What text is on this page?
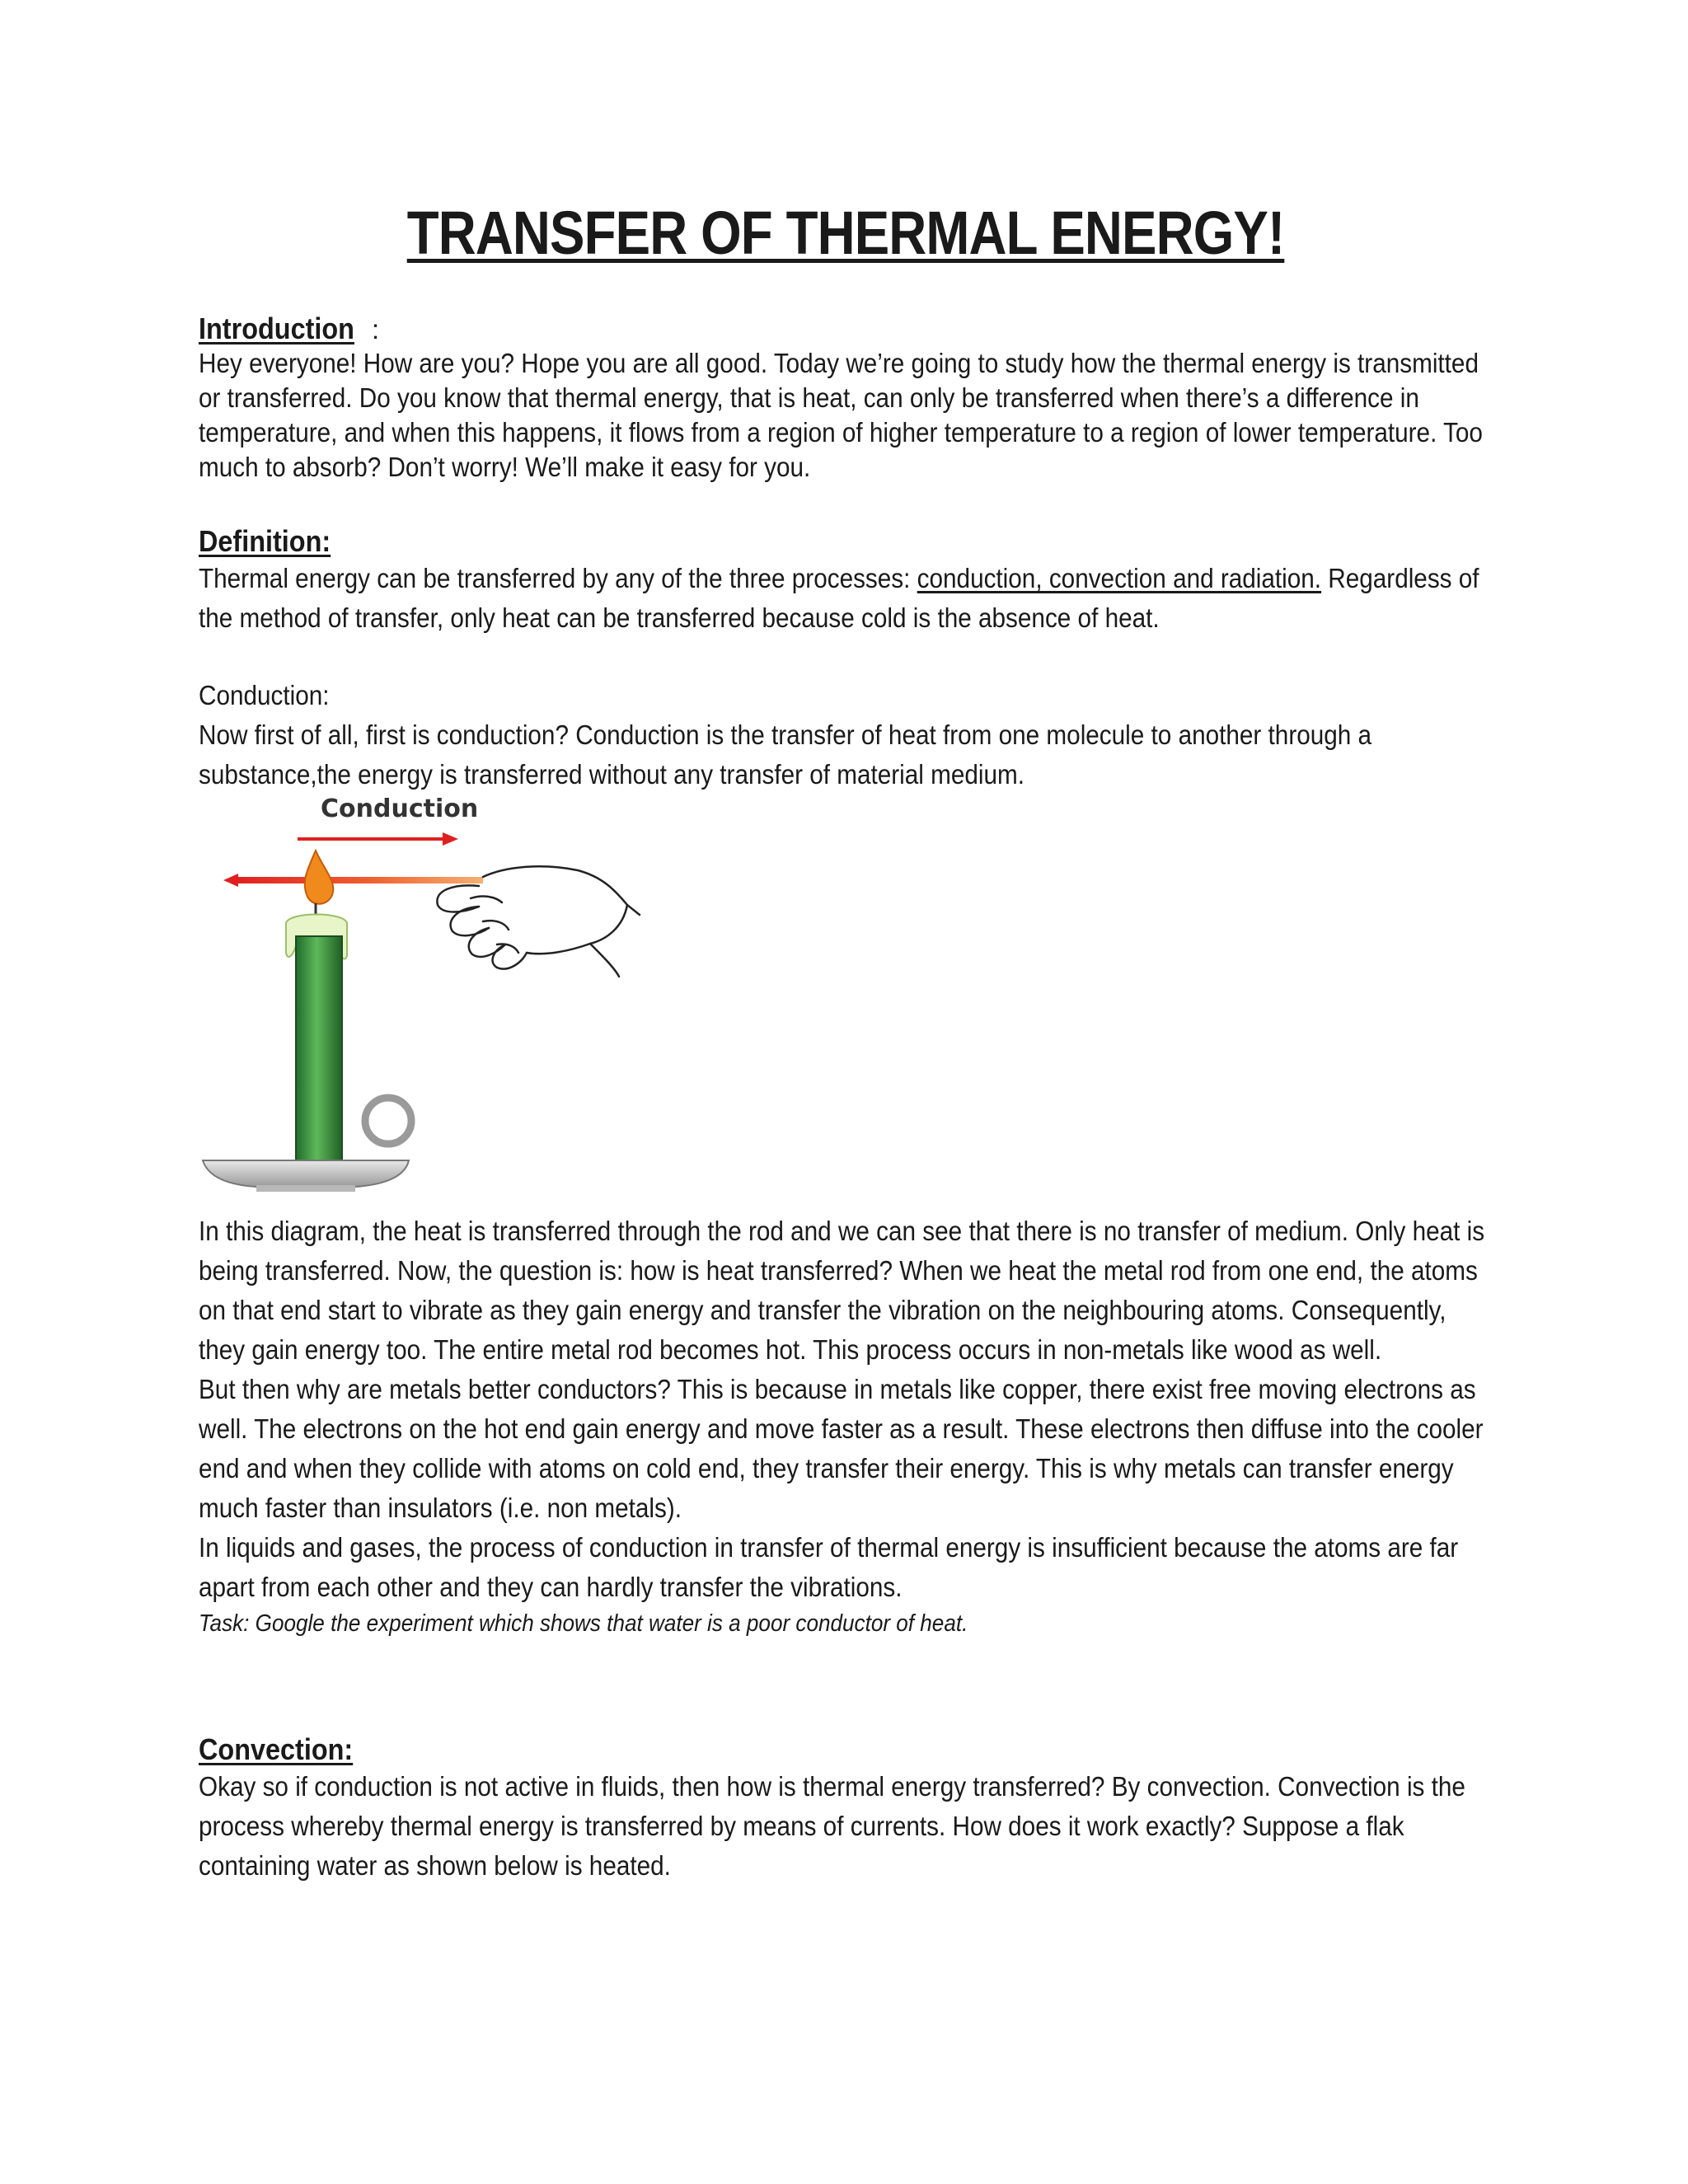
TRANSFER OF THERMAL ENERGY!
Introduction :

Hey everyone! How are you? Hope you are all good. Today we’re going to study how the thermal energy is transmitted or transferred. Do you know that thermal energy, that is heat, can only be transferred when there’s a difference in temperature, and when this happens, it flows from a region of higher temperature to a region of lower temperature. Too much to absorb? Don’t worry! We’ll make it easy for you.

Definition:

Thermal energy can be transferred by any of the three processes: conduction, convection and radiation. Regardless of the method of transfer, only heat can be transferred because cold is the absence of heat.

Conduction:

Now first of all, first is conduction? Conduction is the transfer of heat from one molecule to another through a substance,the energy is transferred without any transfer of material medium.

Conduction

In this diagram, the heat is transferred through the rod and we can see that there is no transfer of medium. Only heat is being transferred. Now, the question is: how is heat transferred? When we heat the metal rod from one end, the atoms on that end start to vibrate as they gain energy and transfer the vibration on the neighbouring atoms. Consequently, they gain energy too. The entire metal rod becomes hot. This process occurs in non-metals like wood as well.

But then why are metals better conductors? This is because in metals like copper, there exist free moving electrons as well. The electrons on the hot end gain energy and move faster as a result. These electrons then diffuse into the cooler end and when they collide with atoms on cold end, they transfer their energy. This is why metals can transfer energy much faster than insulators (i.e. non metals).

In liquids and gases, the process of conduction in transfer of thermal energy is insufficient because the atoms are far apart from each other and they can hardly transfer the vibrations.

Task: Google the experiment which shows that water is a poor conductor of heat.
Convection:

Okay so if conduction is not active in fluids, then how is thermal energy transferred? By convection. Convection is the process whereby thermal energy is transferred by means of currents. How does it work exactly? Suppose a flak containing water as shown below is heated.
